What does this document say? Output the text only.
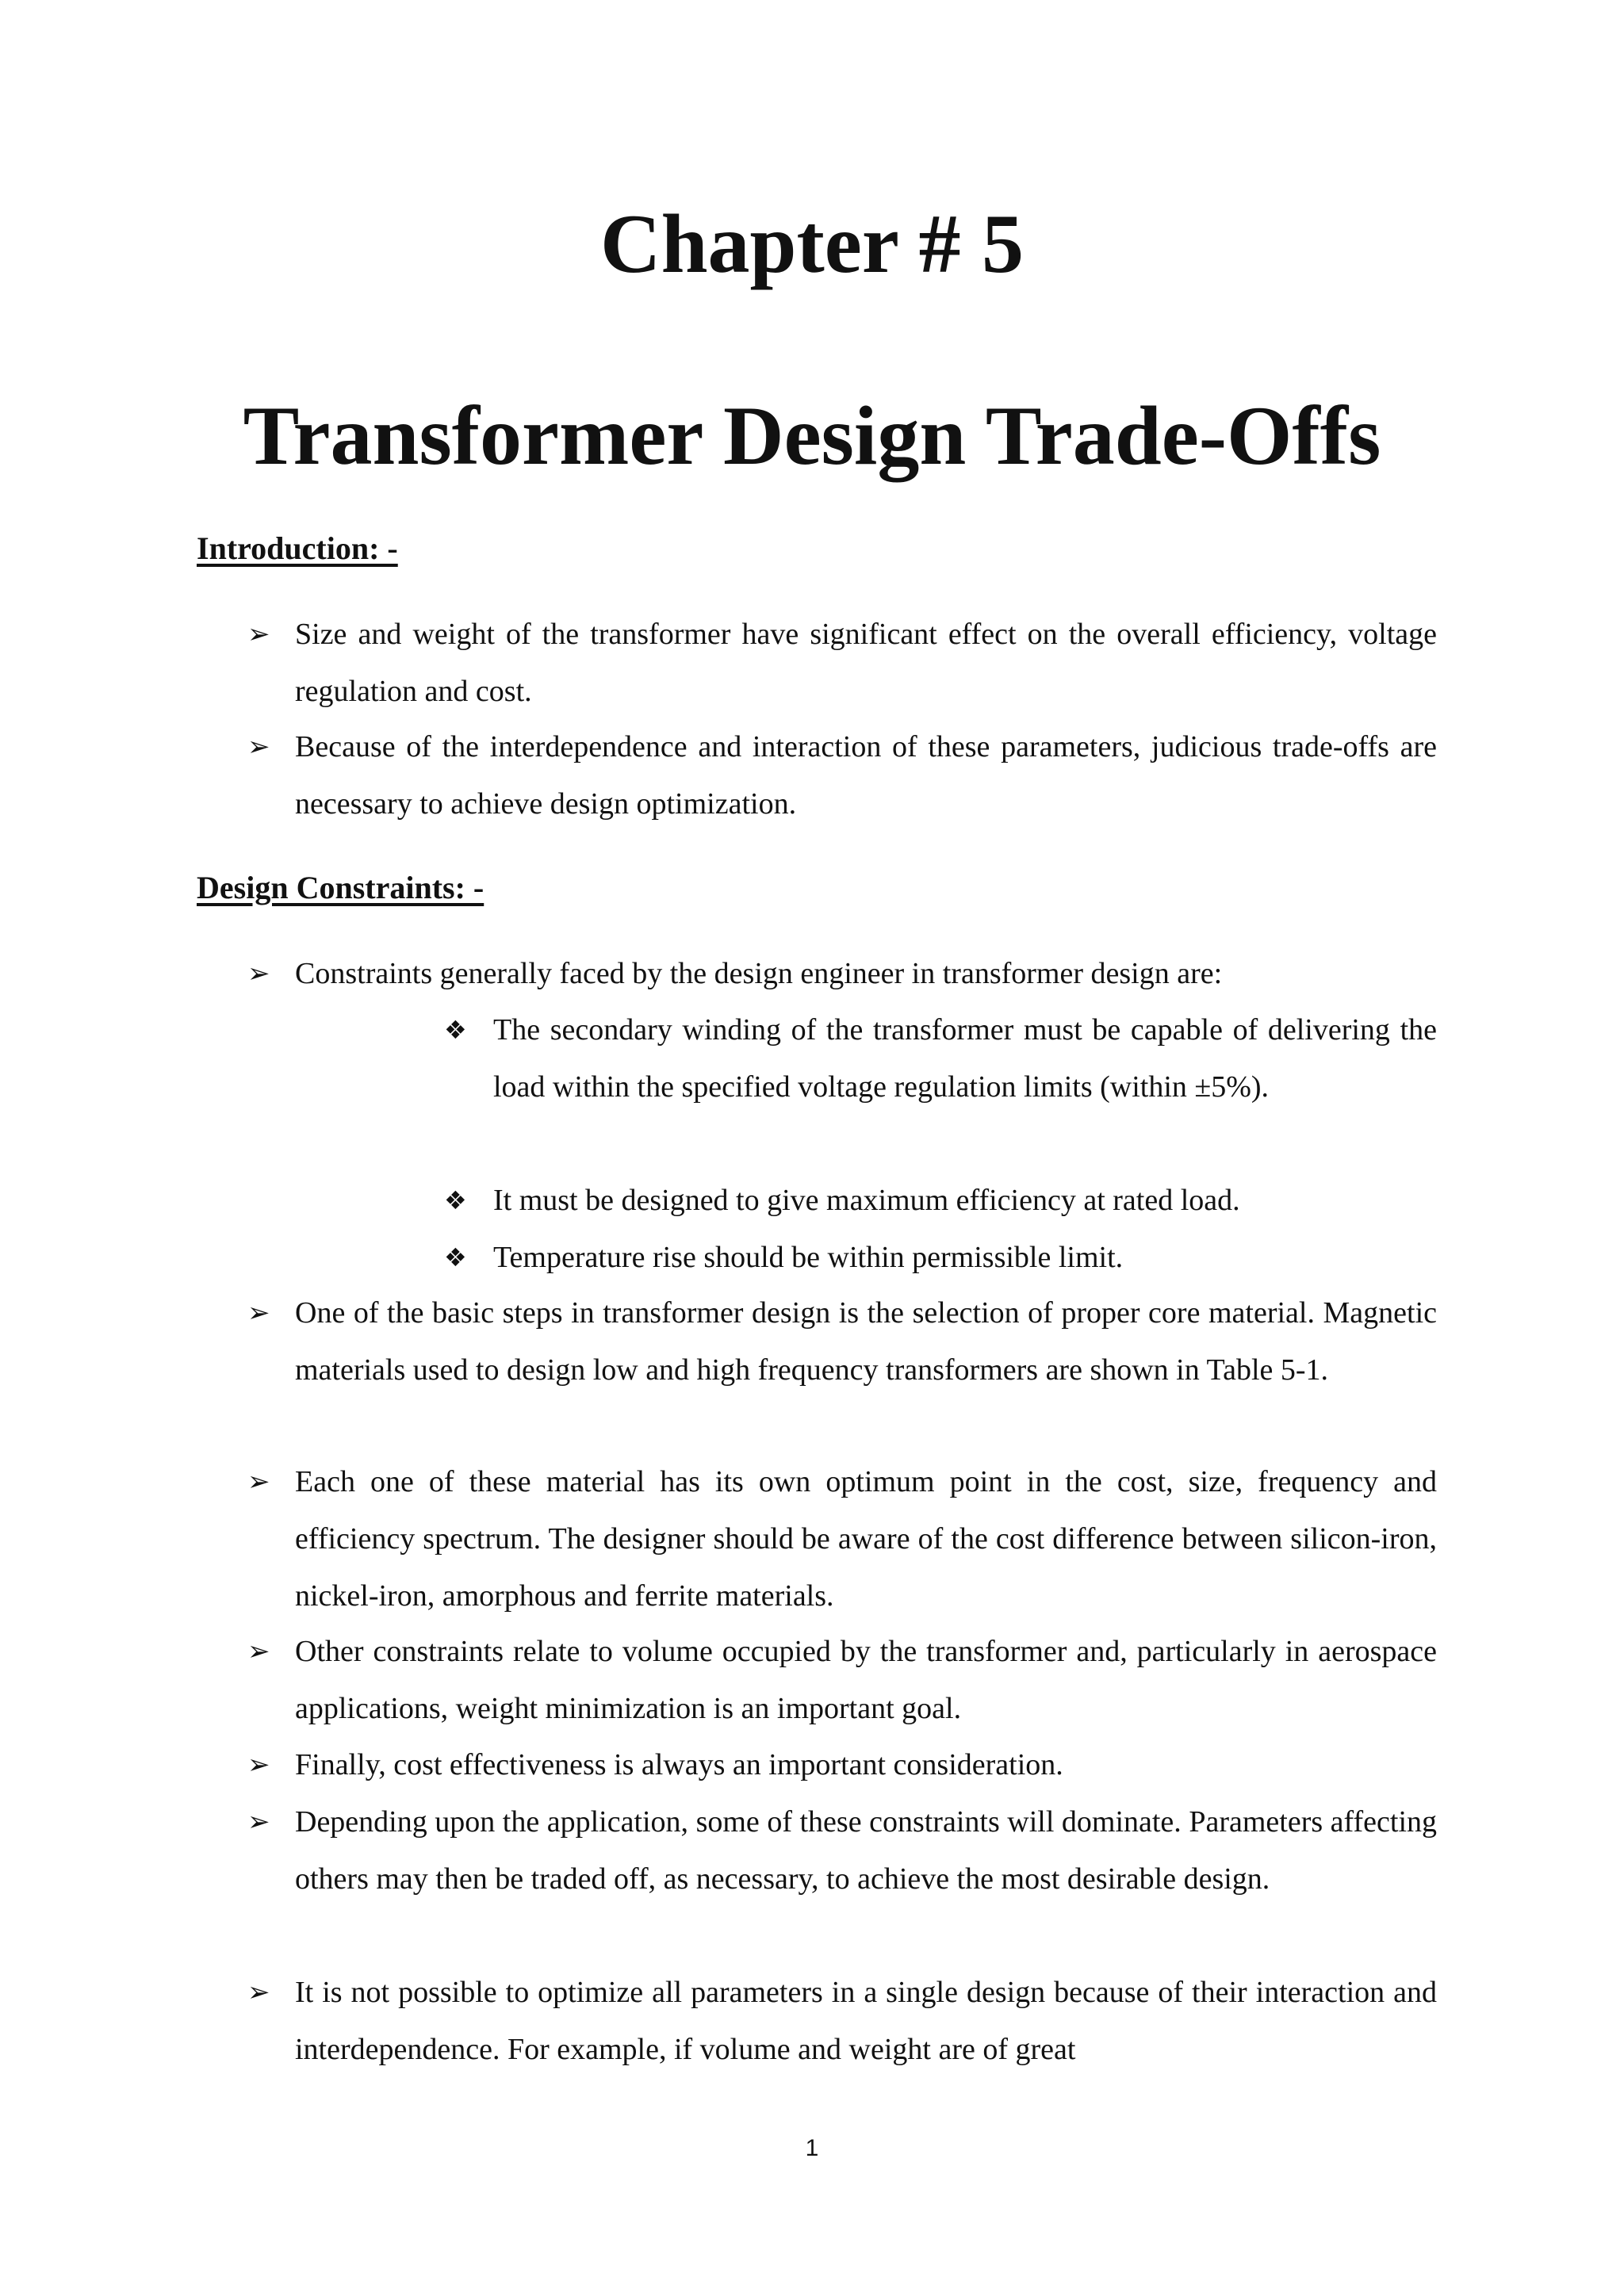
Chapter # 5
Transformer Design Trade-Offs
Introduction: -

➢ Size and weight of the transformer have significant effect on the overall efficiency, voltage regulation and cost.

➢ Because of the interdependence and interaction of these parameters, judicious trade-offs are necessary to achieve design optimization.

Design Constraints: -

➢ Constraints generally faced by the design engineer in transformer design are:

❖ The secondary winding of the transformer must be capable of delivering the load within the specified voltage regulation limits (within ±5%).

❖ It must be designed to give maximum efficiency at rated load.

❖ Temperature rise should be within permissible limit.

➢ One of the basic steps in transformer design is the selection of proper core material. Magnetic materials used to design low and high frequency transformers are shown in Table 5-1.

➢ Each one of these material has its own optimum point in the cost, size, frequency and efficiency spectrum. The designer should be aware of the cost difference between silicon-iron, nickel-iron, amorphous and ferrite materials.

➢ Other constraints relate to volume occupied by the transformer and, particularly in aerospace applications, weight minimization is an important goal.

➢ Finally, cost effectiveness is always an important consideration.

➢ Depending upon the application, some of these constraints will dominate. Parameters affecting others may then be traded off, as necessary, to achieve the most desirable design.

➢ It is not possible to optimize all parameters in a single design because of their interaction and interdependence. For example, if volume and weight are of great

1
